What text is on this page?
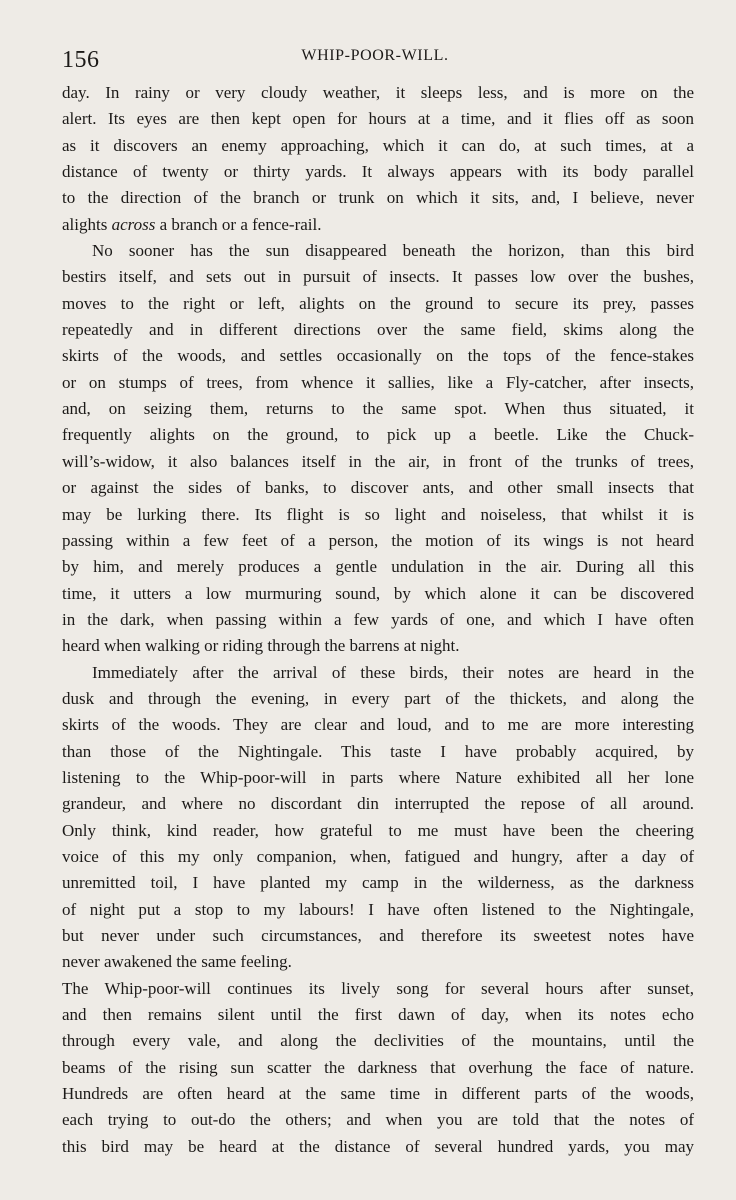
156	WHIP-POOR-WILL.
day. In rainy or very cloudy weather, it sleeps less, and is more on the
alert. Its eyes are then kept open for hours at a time, and it flies off as soon
as it discovers an enemy approaching, which it can do, at such times, at a
distance of twenty or thirty yards. It always appears with its body parallel
to the direction of the branch or trunk on which it sits, and, I believe, never
alights across a branch or a fence-rail.
No sooner has the sun disappeared beneath the horizon, than this bird
bestirs itself, and sets out in pursuit of insects. It passes low over the bushes,
moves to the right or left, alights on the ground to secure its prey, passes
repeatedly and in different directions over the same field, skims along the
skirts of the woods, and settles occasionally on the tops of the fence-stakes
or on stumps of trees, from whence it sallies, like a Fly-catcher, after insects,
and, on seizing them, returns to the same spot. When thus situated, it
frequently alights on the ground, to pick up a beetle. Like the Chuck-
will’s-widow, it also balances itself in the air, in front of the trunks of trees,
or against the sides of banks, to discover ants, and other small insects that
may be lurking there. Its flight is so light and noiseless, that whilst it is
passing within a few feet of a person, the motion of its wings is not heard
by him, and merely produces a gentle undulation in the air. During all this
time, it utters a low murmuring sound, by which alone it can be discovered
in the dark, when passing within a few yards of one, and which I have often
heard when walking or riding through the barrens at night.
Immediately after the arrival of these birds, their notes are heard in the
dusk and through the evening, in every part of the thickets, and along the
skirts of the woods. They are clear and loud, and to me are more interesting
than those of the Nightingale. This taste I have probably acquired, by
listening to the Whip-poor-will in parts where Nature exhibited all her lone
grandeur, and where no discordant din interrupted the repose of all around.
Only think, kind reader, how grateful to me must have been the cheering
voice of this my only companion, when, fatigued and hungry, after a day of
unremitted toil, I have planted my camp in the wilderness, as the darkness
of night put a stop to my labours! I have often listened to the Nightingale,
but never under such circumstances, and therefore its sweetest notes have
never awakened the same feeling.
The Whip-poor-will continues its lively song for several hours after sunset,
and then remains silent until the first dawn of day, when its notes echo
through every vale, and along the declivities of the mountains, until the
beams of the rising sun scatter the darkness that overhung the face of nature.
Hundreds are often heard at the same time in different parts of the woods,
each trying to out-do the others; and when you are told that the notes of
this bird may be heard at the distance of several hundred yards, you may
